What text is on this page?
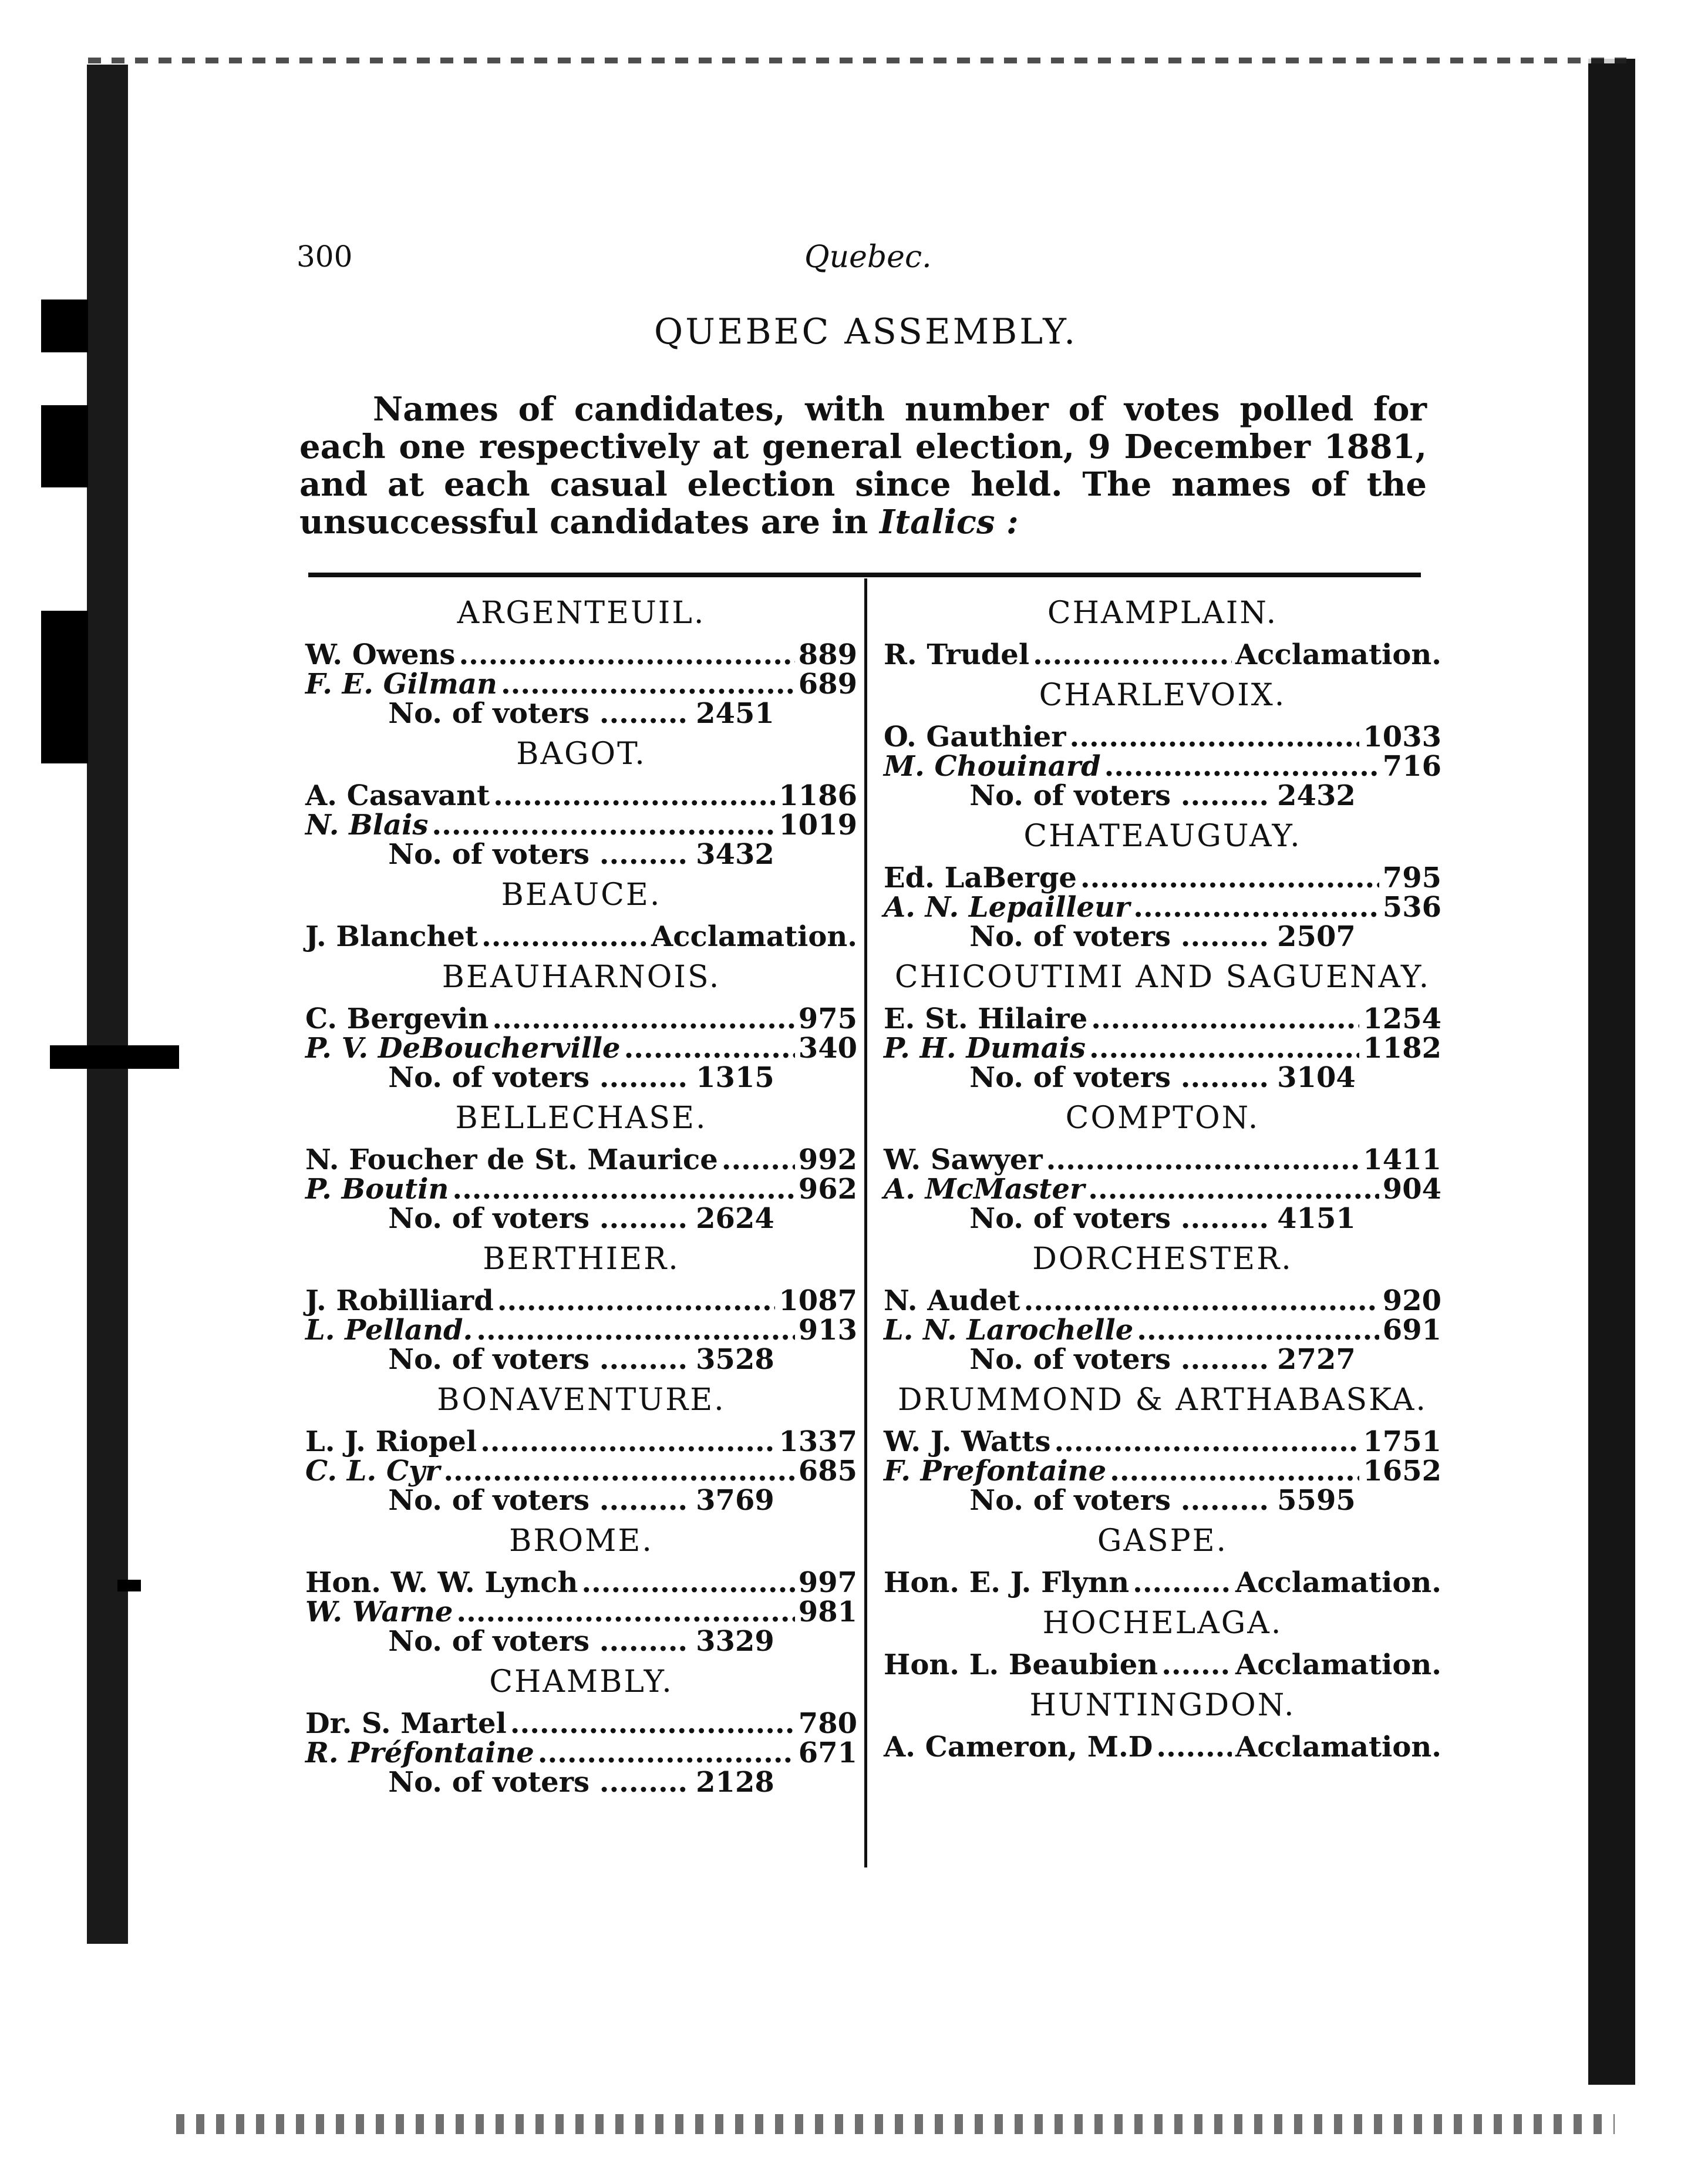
300	Quebec.
QUEBEC ASSEMBLY.
Names of candidates, with number of votes polled for each one respectively at general election, 9 December 1881, and at each casual election since held. The names of the unsuccessful candidates are in Italics :
ARGENTEUIL.
W. Owens .....	889
F. E. Gilman .....	689
No. of voters .....	2451
BAGOT.
A. Casavant .....	1186
N. Blais .....	1019
No. of voters .....	3432
BEAUCE.
J. Blanchet .....	Acclamation.
BEAUHARNOIS.
C. Bergevin .....	975
P. V. DeBoucherville .....	340
No. of voters .....	1315
BELLECHASE.
N. Foucher de St. Maurice .....	992
P. Boutin .....	962
No. of voters .....	2624
BERTHIER.
J. Robilliard .....	1087
L. Pelland. .....	913
No. of voters .....	3528
BONAVENTURE.
L. J. Riopel .....	1337
C. L. Cyr .....	685
No. of voters .....	3769
BROME.
Hon. W. W. Lynch .....	997
W. Warne .....	981
No. of voters .....	3329
CHAMBLY.
Dr. S. Martel .....	780
R. Préfontaine .....	671
No. of voters .....	2128
CHAMPLAIN.
R. Trudel .....	Acclamation.
CHARLEVOIX.
O. Gauthier .....	1033
M. Chouinard .....	716
No. of voters .....	2432
CHATEAUGUAY.
Ed. LaBerge .....	795
A. N. Lepailleur .....	536
No. of voters .....	2507
CHICOUTIMI AND SAGUENAY.
E. St. Hilaire .....	1254
P. H. Dumais .....	1182
No. of voters .....	3104
COMPTON.
W. Sawyer .....	1411
A. McMaster .....	904
No. of voters .....	4151
DORCHESTER.
N. Audet .....	920
L. N. Larochelle .....	691
No. of voters .....	2727
DRUMMOND & ARTHABASKA.
W. J. Watts .....	1751
F. Prefontaine .....	1652
No. of voters .....	5595
GASPE.
Hon. E. J. Flynn .....	Acclamation.
HOCHELAGA.
Hon. L. Beaubien .....	Acclamation.
HUNTINGDON.
A. Cameron, M.D .....	Acclamation.
